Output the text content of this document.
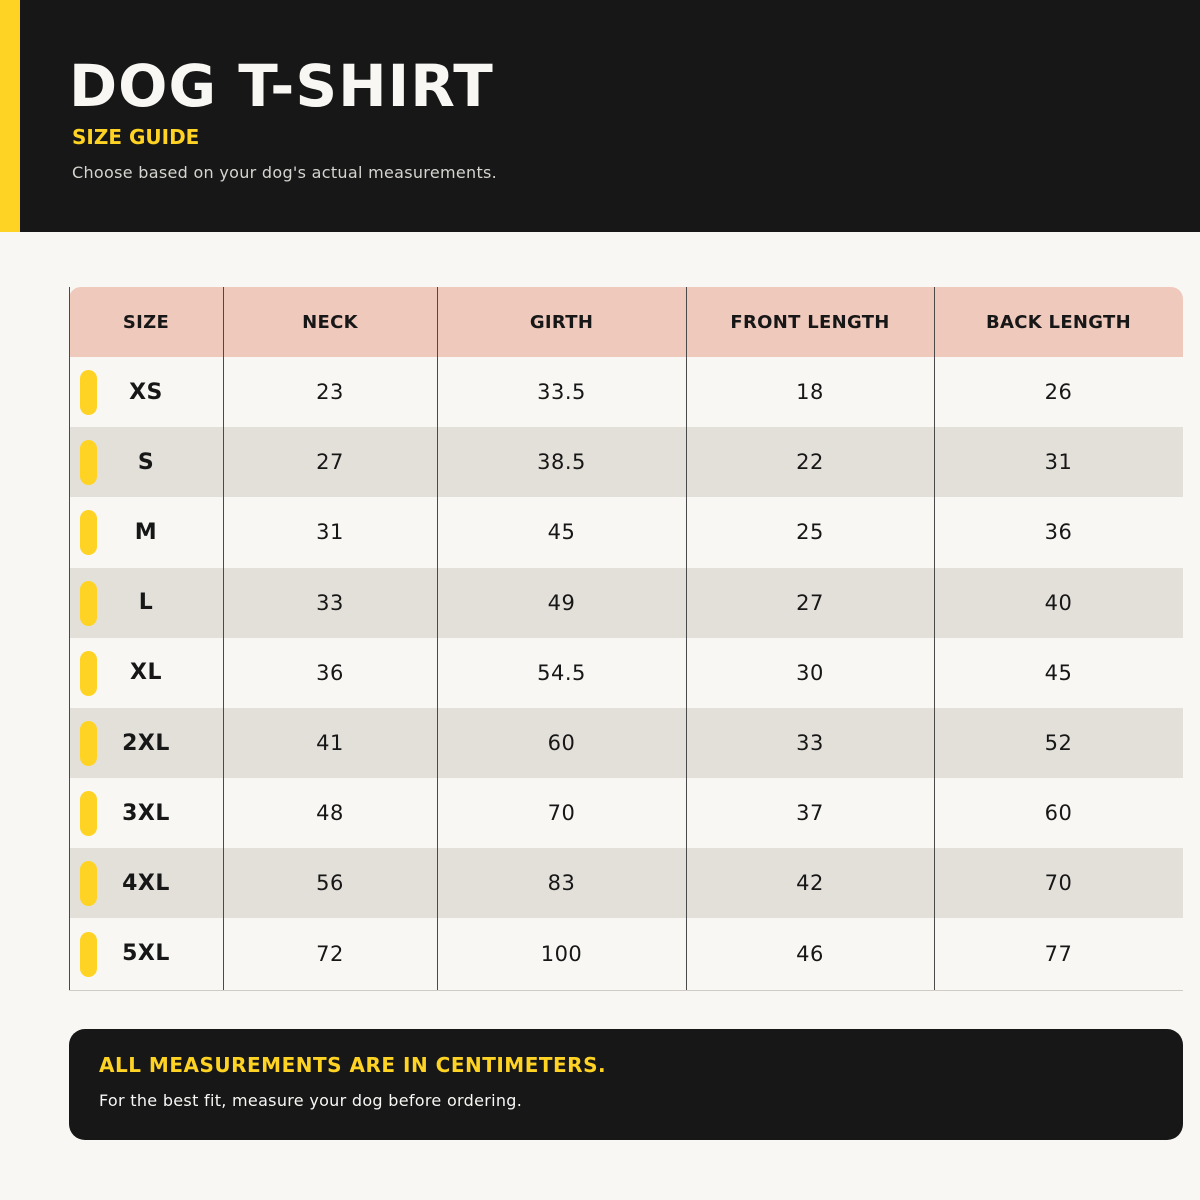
DOG T-SHIRT
SIZE GUIDE
Choose based on your dog's actual measurements.
SIZE	NECK	GIRTH	FRONT LENGTH	BACK LENGTH
XS	23	33.5	18	26
S	27	38.5	22	31
M	31	45	25	36
L	33	49	27	40
XL	36	54.5	30	45
2XL	41	60	33	52
3XL	48	70	37	60
4XL	56	83	42	70
5XL	72	100	46	77
ALL MEASUREMENTS ARE IN CENTIMETERS.
For the best fit, measure your dog before ordering.
